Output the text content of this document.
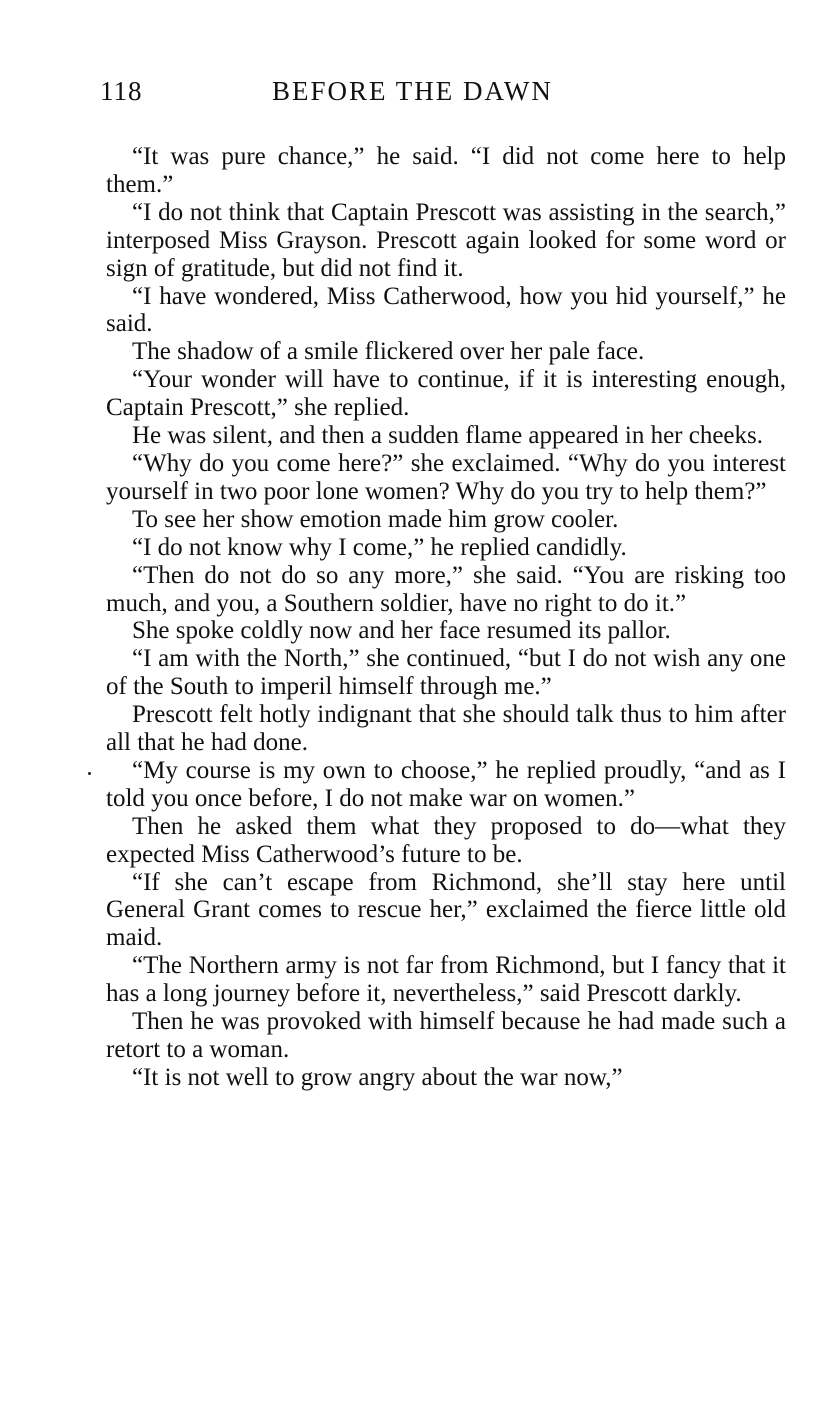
118	BEFORE THE DAWN

“It was pure chance,” he said. “I did not come here to help them.”

“I do not think that Captain Prescott was assisting in the search,” interposed Miss Grayson. Prescott again looked for some word or sign of gratitude, but did not find it.

“I have wondered, Miss Catherwood, how you hid yourself,” he said.

The shadow of a smile flickered over her pale face.

“Your wonder will have to continue, if it is interesting enough, Captain Prescott,” she replied.

He was silent, and then a sudden flame appeared in her cheeks.

“Why do you come here?” she exclaimed. “Why do you interest yourself in two poor lone women? Why do you try to help them?”

To see her show emotion made him grow cooler.

“I do not know why I come,” he replied candidly.

“Then do not do so any more,” she said. “You are risking too much, and you, a Southern soldier, have no right to do it.”

She spoke coldly now and her face resumed its pallor.

“I am with the North,” she continued, “but I do not wish any one of the South to imperil himself through me.”

Prescott felt hotly indignant that she should talk thus to him after all that he had done.

“My course is my own to choose,” he replied proudly, “and as I told you once before, I do not make war on women.”

Then he asked them what they proposed to do—what they expected Miss Catherwood’s future to be.

“If she can’t escape from Richmond, she’ll stay here until General Grant comes to rescue her,” exclaimed the fierce little old maid.

“The Northern army is not far from Richmond, but I fancy that it has a long journey before it, nevertheless,” said Prescott darkly.

Then he was provoked with himself because he had made such a retort to a woman.

“It is not well to grow angry about the war now,”
